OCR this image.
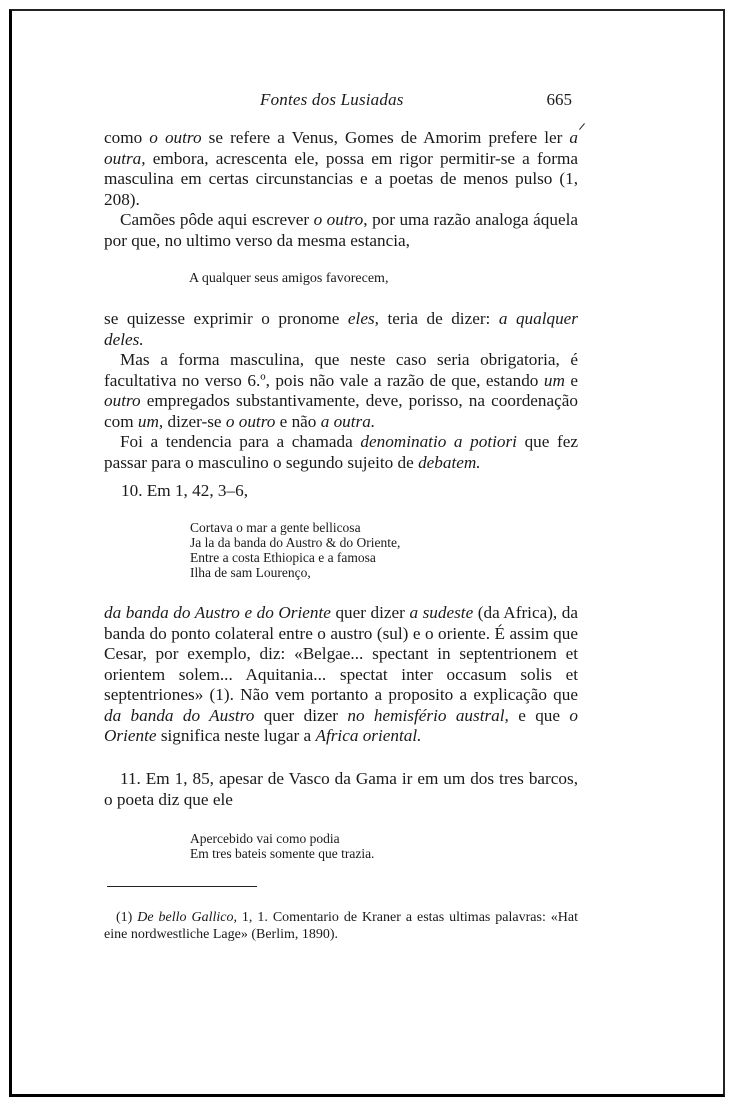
Fontes dos Lusiadas	665

como o outro se refere a Venus, Gomes de Amorim prefere ler a outra, embora, acrescenta ele, possa em rigor permitir-se a forma masculina em certas circunstancias e a poetas de menos pulso (1, 208).

Camões pôde aqui escrever o outro, por uma razão analoga áquela por que, no ultimo verso da mesma estancia,

A qualquer seus amigos favorecem,

se quizesse exprimir o pronome eles, teria de dizer: a qualquer deles.

Mas a forma masculina, que neste caso seria obrigatoria, é facultativa no verso 6.º, pois não vale a razão de que, estando um e outro empregados substantivamente, deve, porisso, na coordenação com um, dizer-se o outro e não a outra.

Foi a tendencia para a chamada denominatio a potiori que fez passar para o masculino o segundo sujeito de debatem.

10. Em 1, 42, 3–6,
Cortava o mar a gente bellicosa
Ja la da banda do Austro & do Oriente,
Entre a costa Ethiopica e a famosa
Ilha de sam Lourenço,

da banda do Austro e do Oriente quer dizer a sudeste (da Africa), da banda do ponto colateral entre o austro (sul) e o oriente. É assim que Cesar, por exemplo, diz: «Belgae... spectant in septentrionem et orientem solem... Aquitania... spectat inter occasum solis et septentriones» (1). Não vem portanto a proposito a explicação que da banda do Austro quer dizer no hemisfério austral, e que o Oriente significa neste lugar a Africa oriental.

11. Em 1, 85, apesar de Vasco da Gama ir em um dos tres barcos, o poeta diz que ele

Apercebido vai como podia
Em tres bateis somente que trazia.
(1) De bello Gallico, 1, 1. Comentario de Kraner a estas ultimas palavras: «Hat eine nordwestliche Lage» (Berlim, 1890).
